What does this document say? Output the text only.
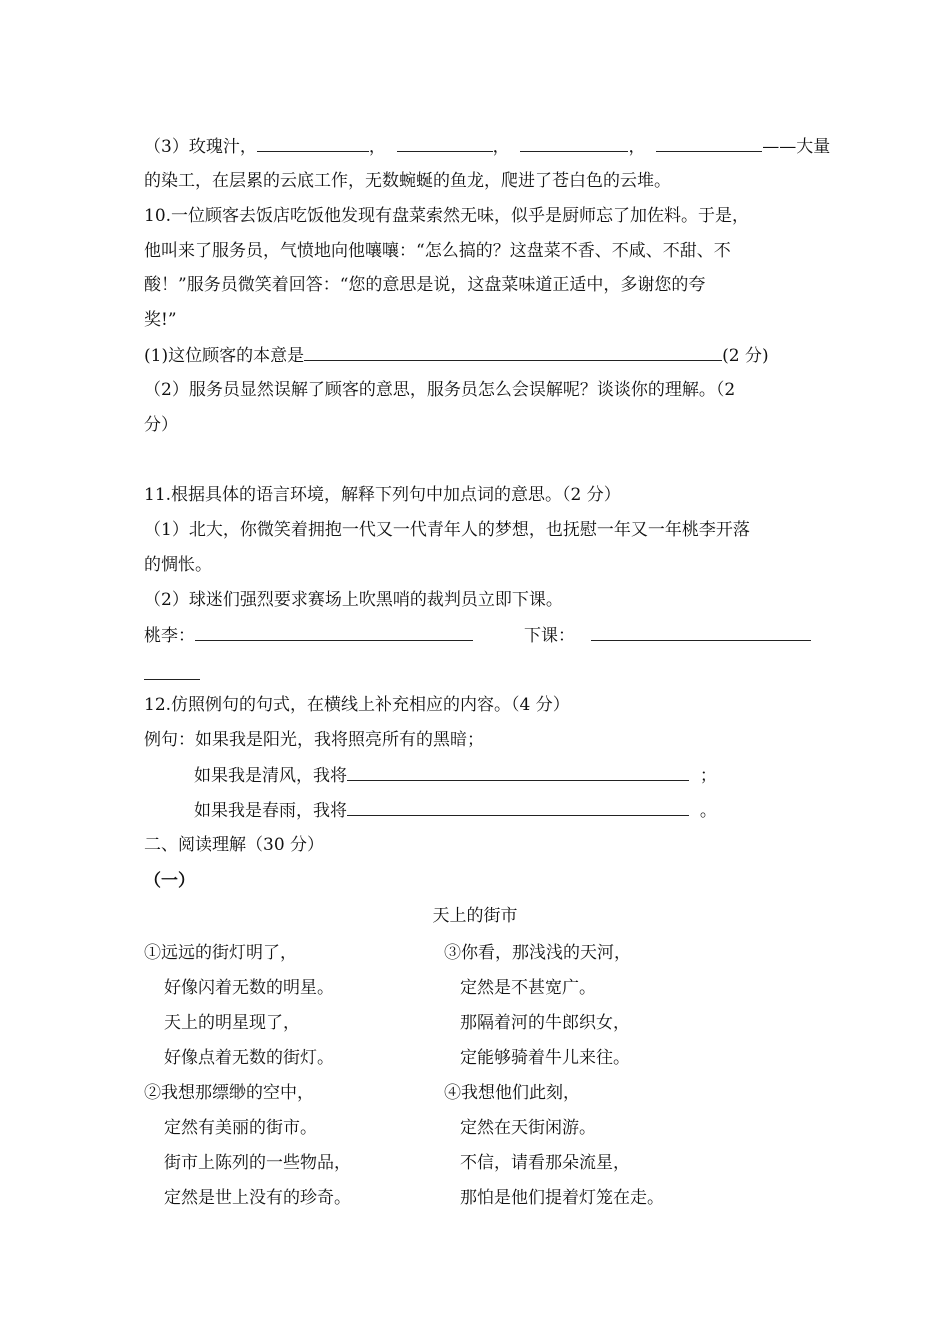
（3）玫瑰汁，	，	，	，	——大量
的染工，在层累的云底工作，无数蜿蜒的鱼龙，爬进了苍白色的云堆。
10.一位顾客去饭店吃饭他发现有盘菜索然无味，似乎是厨师忘了加佐料。于是，
他叫来了服务员，气愤地向他嚷嚷：“怎么搞的？这盘菜不香、不咸、不甜、不
酸！”服务员微笑着回答：“您的意思是说，这盘菜味道正适中，多谢您的夸
奖!”
(1)这位顾客的本意是	(2 分)
（2）服务员显然误解了顾客的意思，服务员怎么会误解呢？谈谈你的理解。（2
分）
11.根据具体的语言环境，解释下列句中加点词的意思。（2 分）
（1）北大，你微笑着拥抱一代又一代青年人的梦想，也抚慰一年又一年桃李开落
的惆怅。
（2）球迷们强烈要求赛场上吹黑哨的裁判员立即下课。
桃李：	下课：
12.仿照例句的句式，在横线上补充相应的内容。（4 分）
例句：如果我是阳光，我将照亮所有的黑暗；
如果我是清风，我将	；
如果我是春雨，我将	。
二、阅读理解（30 分）
（一）
天上的街市
①远远的街灯明了，
好像闪着无数的明星。
天上的明星现了，
好像点着无数的街灯。
②我想那缥缈的空中，
定然有美丽的街市。
街市上陈列的一些物品，
定然是世上没有的珍奇。
③你看，那浅浅的天河，
定然是不甚宽广。
那隔着河的牛郎织女，
定能够骑着牛儿来往。
④我想他们此刻，
定然在天街闲游。
不信，请看那朵流星，
那怕是他们提着灯笼在走。
